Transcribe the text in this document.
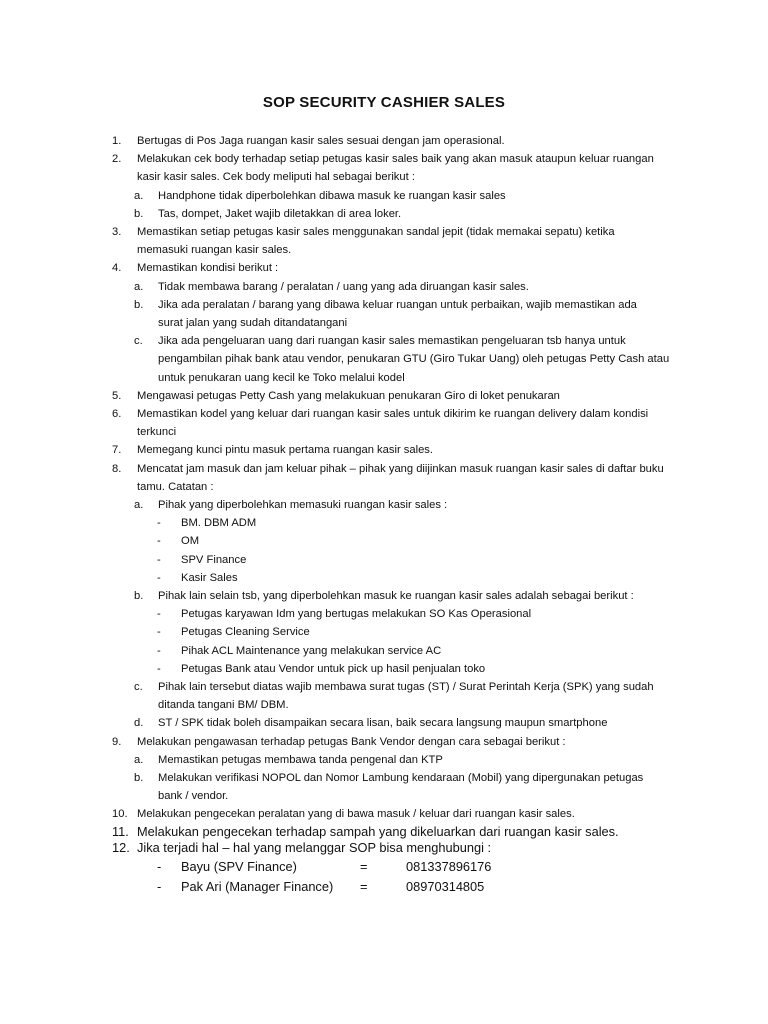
SOP SECURITY CASHIER SALES
1. Bertugas di Pos Jaga ruangan kasir sales sesuai dengan jam operasional.
2. Melakukan cek body terhadap setiap petugas kasir sales baik yang akan masuk ataupun keluar ruangan
kasir kasir sales. Cek body meliputi hal sebagai berikut :
a. Handphone tidak diperbolehkan dibawa masuk ke ruangan kasir sales
b. Tas, dompet, Jaket wajib diletakkan di area loker.
3. Memastikan setiap petugas kasir sales menggunakan sandal jepit (tidak memakai sepatu) ketika
memasuki ruangan kasir sales.
4. Memastikan kondisi berikut :
a. Tidak membawa barang / peralatan / uang yang ada diruangan kasir sales.
b. Jika ada peralatan / barang yang dibawa keluar ruangan untuk perbaikan, wajib memastikan ada
surat jalan yang sudah ditandatangani
c. Jika ada pengeluaran uang dari ruangan kasir sales memastikan pengeluaran tsb hanya untuk
pengambilan pihak bank atau vendor, penukaran GTU (Giro Tukar Uang) oleh petugas Petty Cash atau
untuk penukaran uang kecil ke Toko melalui kodel
5. Mengawasi petugas Petty Cash yang melakukuan penukaran Giro di loket penukaran
6. Memastikan kodel yang keluar dari ruangan kasir sales untuk dikirim ke ruangan delivery dalam kondisi
terkunci
7. Memegang kunci pintu masuk pertama ruangan kasir sales.
8. Mencatat jam masuk dan jam keluar pihak – pihak yang diijinkan masuk ruangan kasir sales di daftar buku
tamu. Catatan :
a. Pihak yang diperbolehkan memasuki ruangan kasir sales :
- BM. DBM ADM
- OM
- SPV Finance
- Kasir Sales
b. Pihak lain selain tsb, yang diperbolehkan masuk ke ruangan kasir sales adalah sebagai berikut :
- Petugas karyawan Idm yang bertugas melakukan SO Kas Operasional
- Petugas Cleaning Service
- Pihak ACL Maintenance yang melakukan service AC
- Petugas Bank atau Vendor untuk pick up hasil penjualan toko
c. Pihak lain tersebut diatas wajib membawa surat tugas (ST) / Surat Perintah Kerja (SPK) yang sudah
ditanda tangani BM/ DBM.
d. ST / SPK tidak boleh disampaikan secara lisan, baik secara langsung maupun smartphone
9. Melakukan pengawasan terhadap petugas Bank Vendor dengan cara sebagai berikut :
a. Memastikan petugas membawa tanda pengenal dan KTP
b. Melakukan verifikasi NOPOL dan Nomor Lambung kendaraan (Mobil) yang dipergunakan petugas
bank / vendor.
10. Melakukan pengecekan peralatan yang di bawa masuk / keluar dari ruangan kasir sales.
11. Melakukan pengecekan terhadap sampah yang dikeluarkan dari ruangan kasir sales.
12. Jika terjadi hal – hal yang melanggar SOP bisa menghubungi :
- Bayu (SPV Finance)	=	081337896176
- Pak Ari (Manager Finance) =	08970314805
